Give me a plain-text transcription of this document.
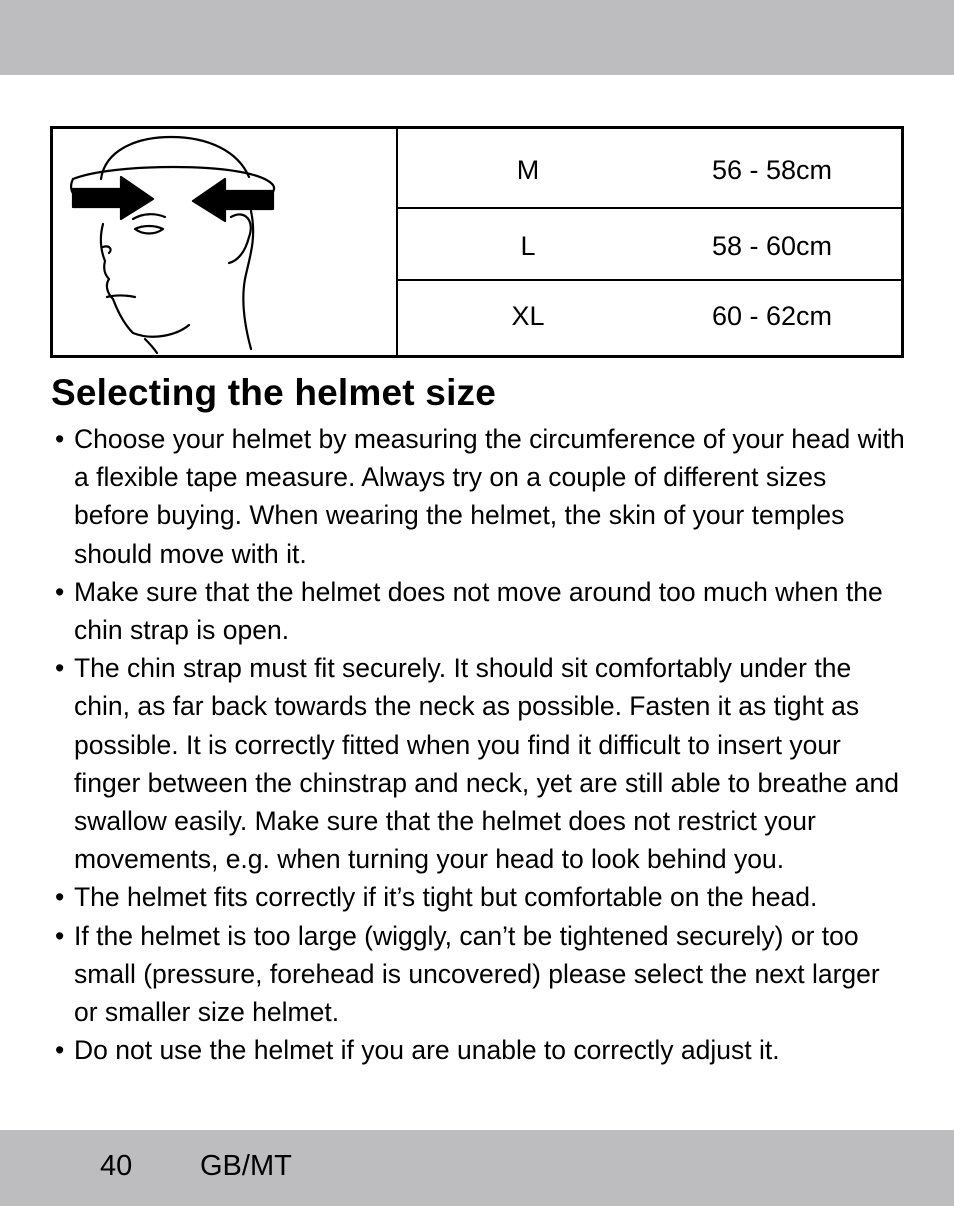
M	56 - 58cm
L	58 - 60cm
XL	60 - 62cm
Selecting the helmet size
• Choose your helmet by measuring the circumference of your head with a flexible tape measure. Always try on a couple of different sizes before buying. When wearing the helmet, the skin of your temples should move with it.
• Make sure that the helmet does not move around too much when the chin strap is open.
• The chin strap must fit securely. It should sit comfortably under the chin, as far back towards the neck as possible. Fasten it as tight as possible. It is correctly fitted when you find it difficult to insert your finger between the chinstrap and neck, yet are still able to breathe and swallow easily. Make sure that the helmet does not restrict your movements, e.g. when turning your head to look behind you.
• The helmet fits correctly if it’s tight but comfortable on the head.
• If the helmet is too large (wiggly, can’t be tightened securely) or too small (pressure, forehead is uncovered) please select the next larger or smaller size helmet.
• Do not use the helmet if you are unable to correctly adjust it.
40 GB/MT
